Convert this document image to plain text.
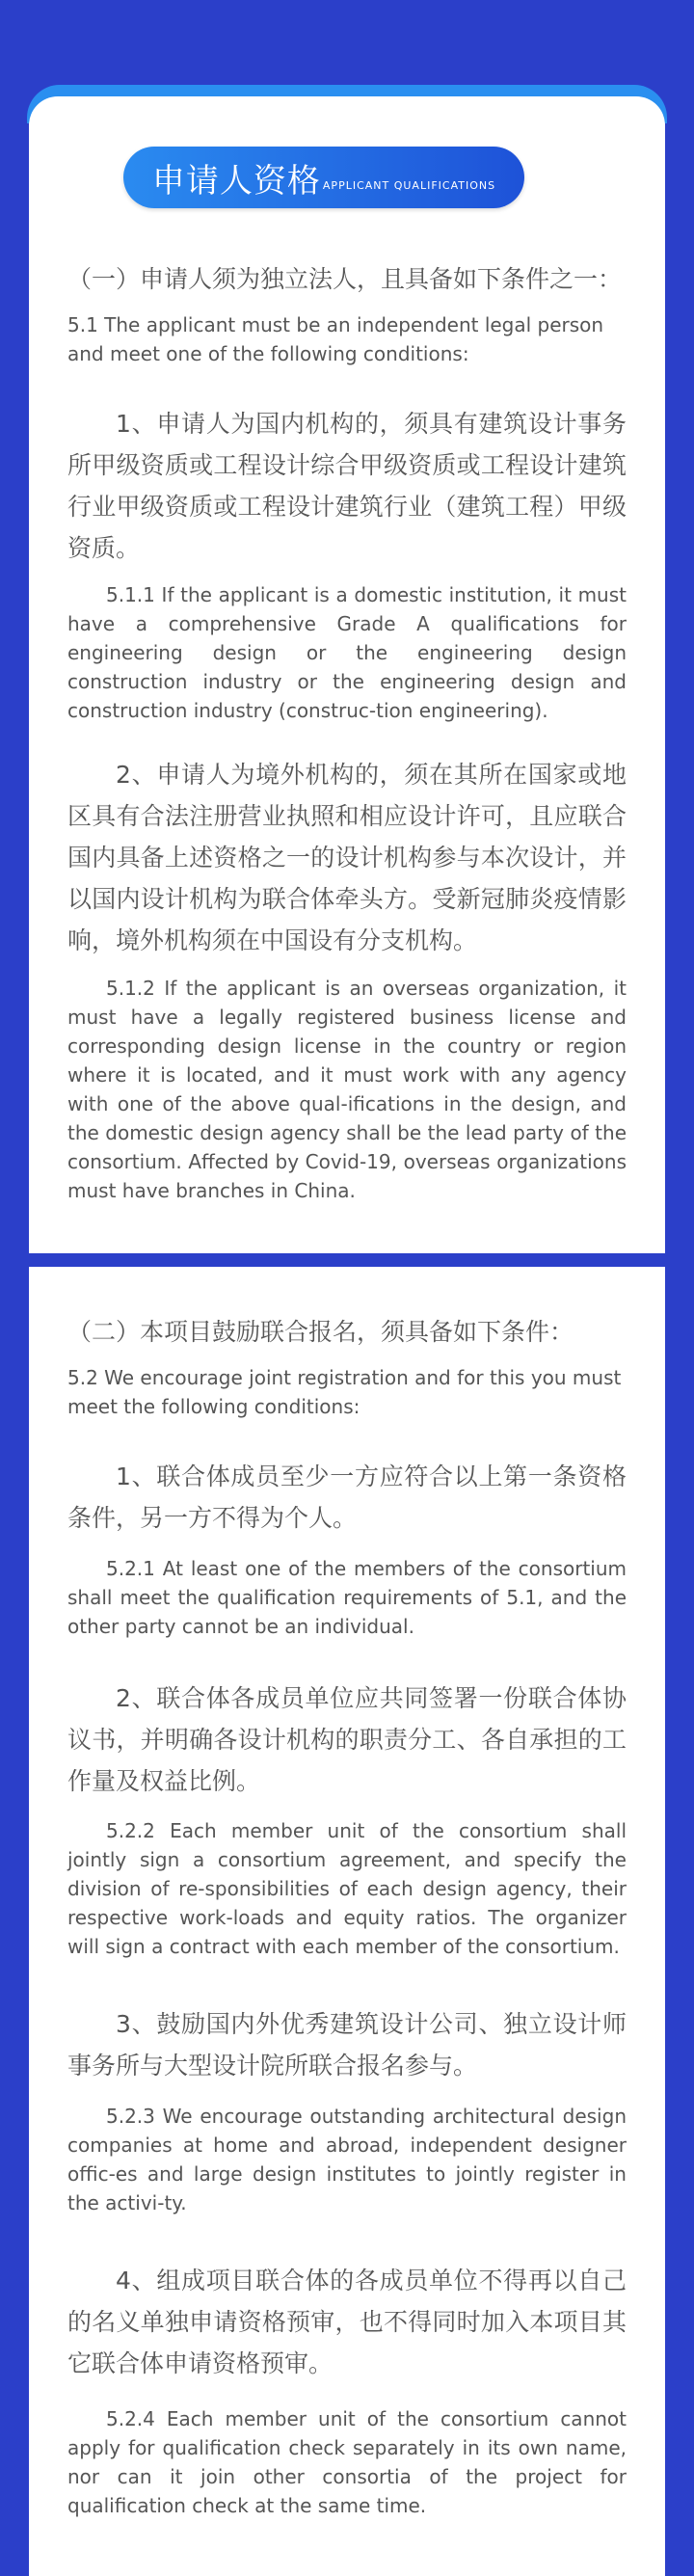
申请人资格 APPLICANT QUALIFICATIONS
（一）申请人须为独立法人，且具备如下条件之一：
5.1 The applicant must be an independent legal person and meet one of the following conditions:
1、申请人为国内机构的，须具有建筑设计事务所甲级资质或工程设计综合甲级资质或工程设计建筑行业甲级资质或工程设计建筑行业（建筑工程）甲级资质。
5.1.1 If the applicant is a domestic institution, it must have a comprehensive Grade A qualifications for engineering design or the engineering design construction industry or the engineering design and construction industry (construc-tion engineering).
2、申请人为境外机构的，须在其所在国家或地区具有合法注册营业执照和相应设计许可，且应联合国内具备上述资格之一的设计机构参与本次设计，并以国内设计机构为联合体牵头方。受新冠肺炎疫情影响，境外机构须在中国设有分支机构。
5.1.2 If the applicant is an overseas organization, it must have a legally registered business license and corresponding design license in the country or region where it is located, and it must work with any agency with one of the above qual-ifications in the design, and the domestic design agency shall be the lead party of the consortium. Affected by Covid-19, overseas organizations must have branches in China.
（二）本项目鼓励联合报名，须具备如下条件：
5.2 We encourage joint registration and for this you must meet the following conditions:
1、联合体成员至少一方应符合以上第一条资格条件，另一方不得为个人。
5.2.1 At least one of the members of the consortium shall meet the qualification requirements of 5.1, and the other party cannot be an individual.
2、联合体各成员单位应共同签署一份联合体协议书，并明确各设计机构的职责分工、各自承担的工作量及权益比例。
5.2.2 Each member unit of the consortium shall jointly sign a consortium agreement, and specify the division of re-sponsibilities of each design agency, their respective work-loads and equity ratios. The organizer will sign a contract with each member of the consortium.
3、鼓励国内外优秀建筑设计公司、独立设计师事务所与大型设计院所联合报名参与。
5.2.3 We encourage outstanding architectural design companies at home and abroad, independent designer offic-es and large design institutes to jointly register in the activi-ty.
4、组成项目联合体的各成员单位不得再以自己的名义单独申请资格预审，也不得同时加入本项目其它联合体申请资格预审。
5.2.4 Each member unit of the consortium cannot apply for qualification check separately in its own name, nor can it join other consortia of the project for qualification check at the same time.
